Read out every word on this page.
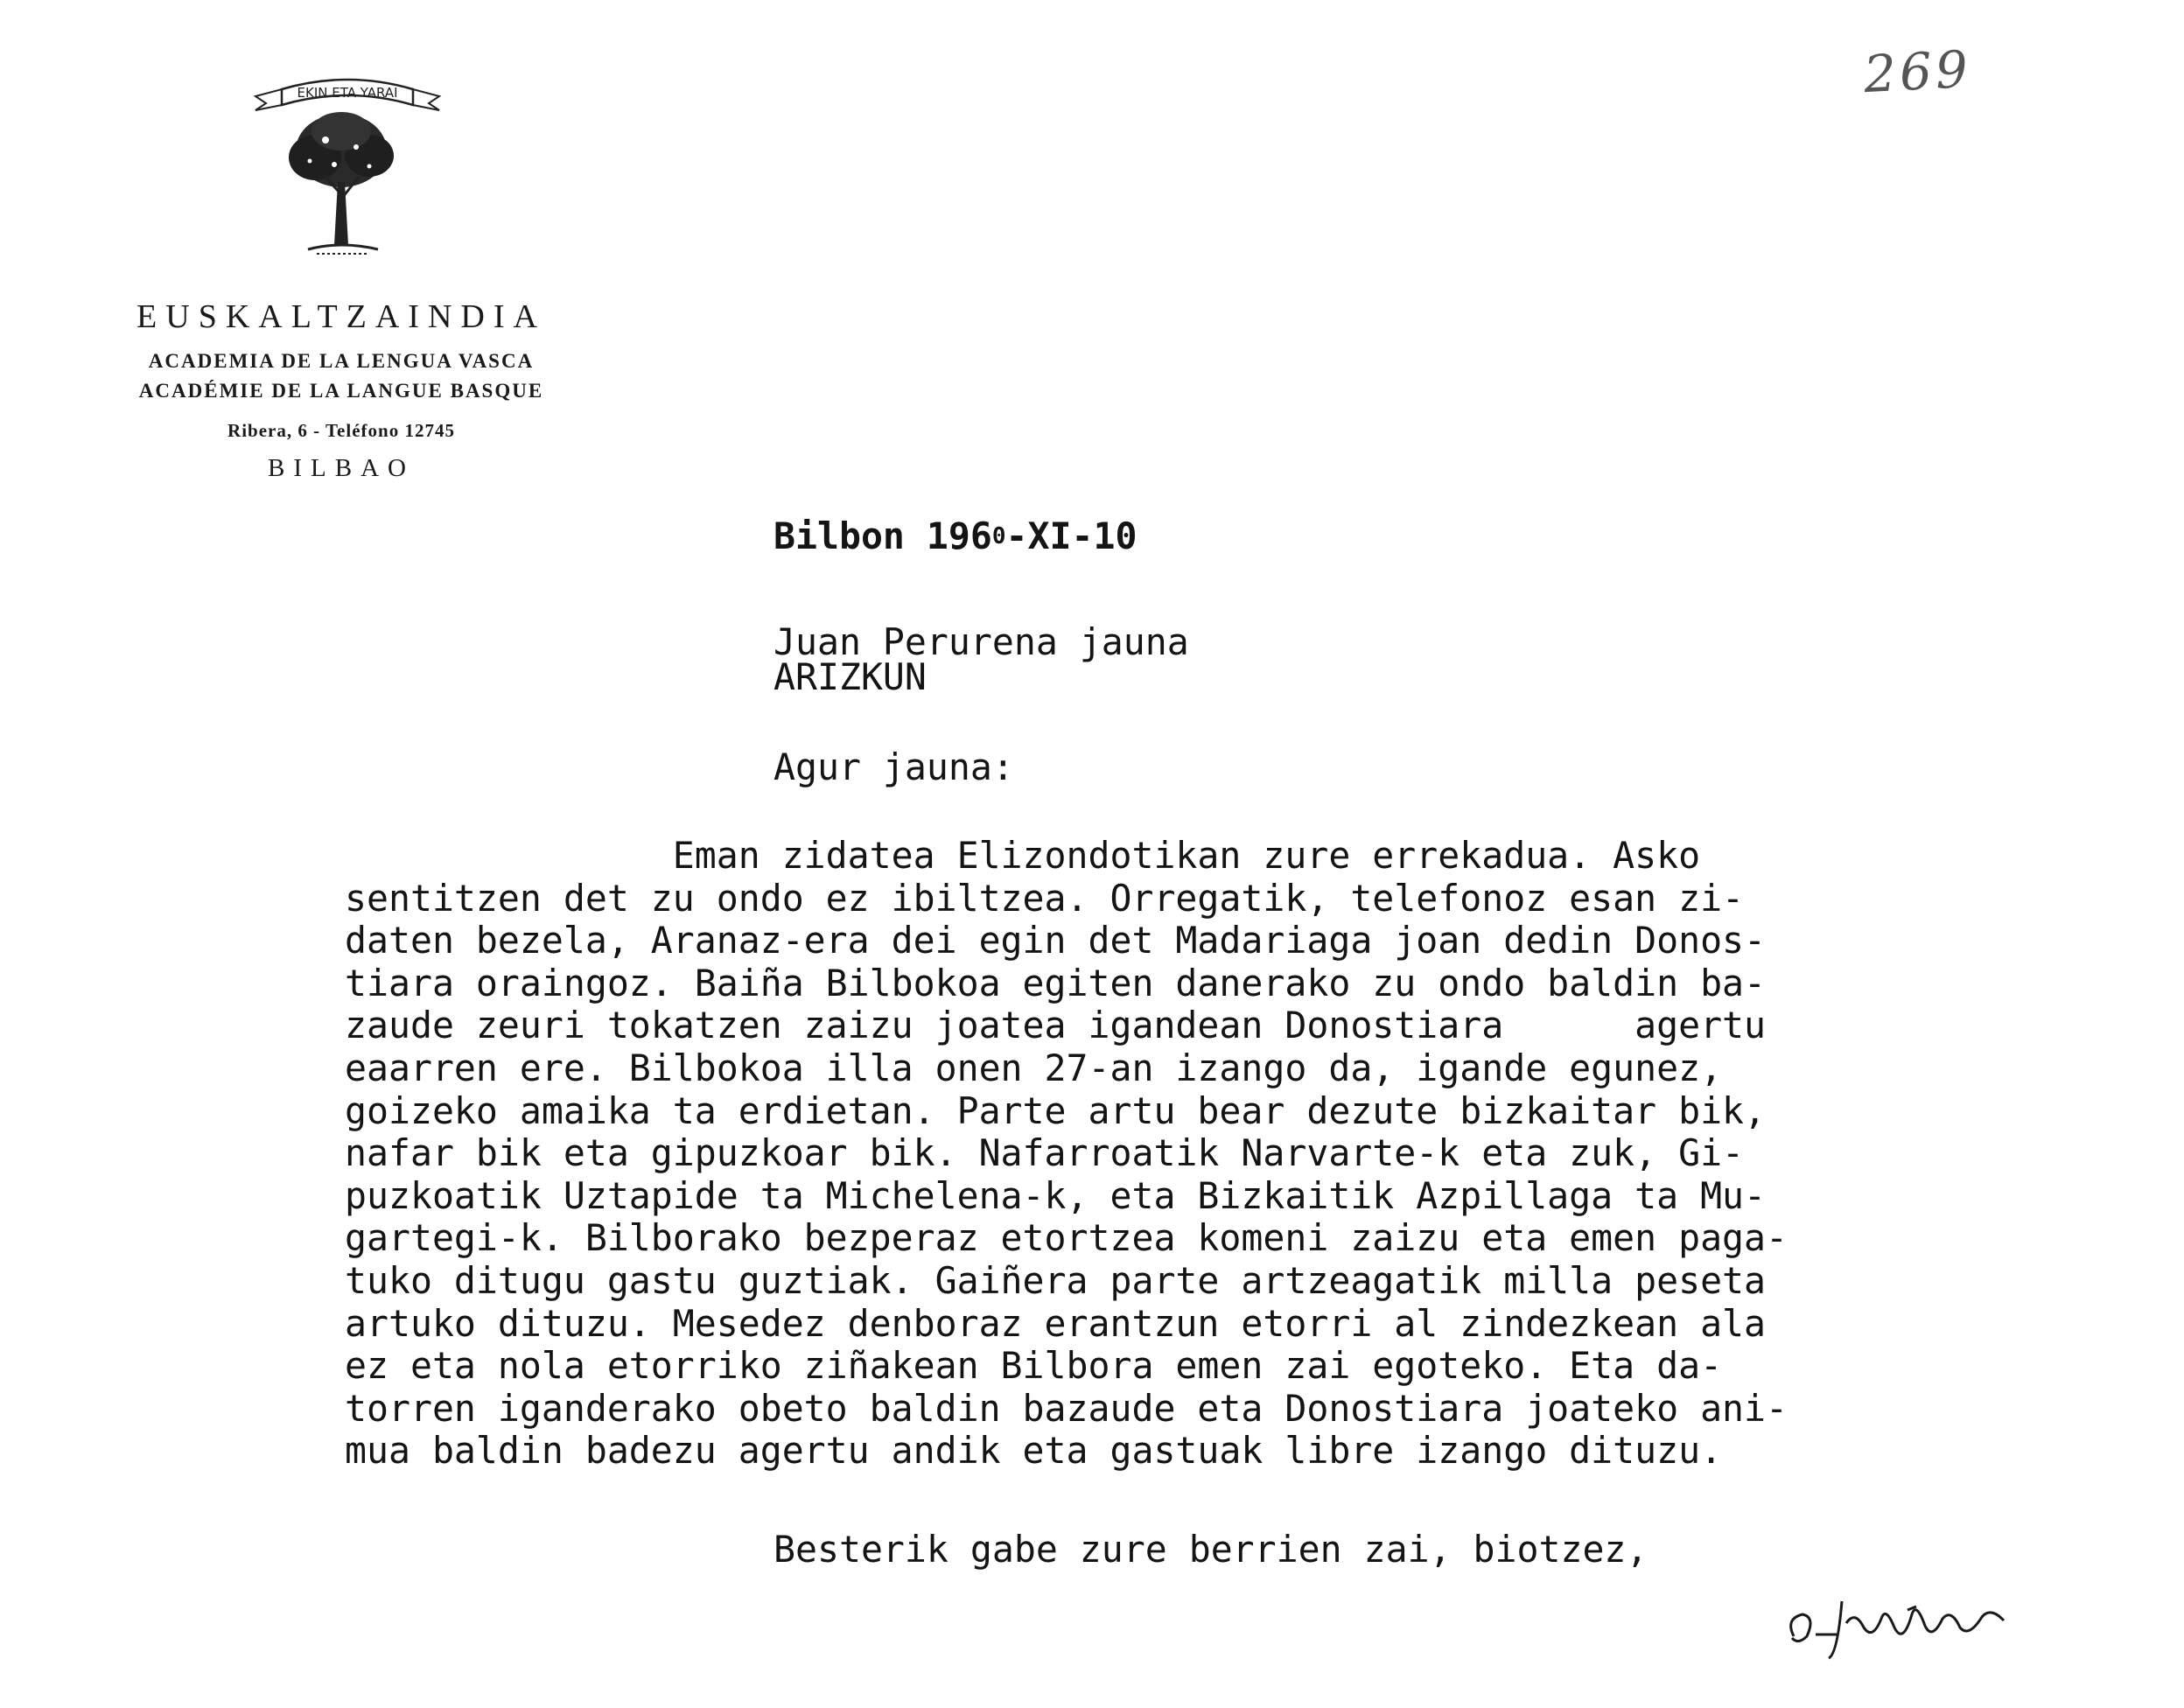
269
EKIN ETA YARAI
EUSKALTZAINDIA
ACADEMIA DE LA LENGUA VASCA
ACADÉMIE DE LA LANGUE BASQUE
Ribera, 6 - Teléfono 12745
BILBAO
Bilbon $196^0-XI-10$
Juan Perurena jauna
ARIZKUN
Agur jauna:
Eman zidatea Elizondotikan zure errekadua. Asko
sentitzen det zu ondo ez ibiltzea. Orregatik, telefonoz esan zi-
daten bezela, Aranaz-era dei egin det Madariaga joan dedin Donos-
tiara oraingoz. Baiña Bilbokoa egiten danerako zu ondo baldin ba-
zaude zeuri tokatzen zaizu joatea igandean Donostiara      agertu
eaarren ere. Bilbokoa illa onen 27-an izango da, igande egunez,
goizeko amaika ta erdietan. Parte artu bear dezute bizkaitar bik,
nafar bik eta gipuzkoar bik. Nafarroatik Narvarte-k eta zuk, Gi-
puzkoatik Uztapide ta Michelena-k, eta Bizkaitik Azpillaga ta Mu-
gartegi-k. Bilborako bezperaz etortzea komeni zaizu eta emen paga-
tuko ditugu gastu guztiak. Gaiñera parte artzeagatik milla peseta
artuko dituzu. Mesedez denboraz erantzun etorri al zindezkean ala
ez eta nola etorriko ziñakean Bilbora emen zai egoteko. Eta da-
torren iganderako obeto baldin bazaude eta Donostiara joateko ani-
mua baldin badezu agertu andik eta gastuak libre izango dituzu.
Besterik gabe zure berrien zai, biotzez,
